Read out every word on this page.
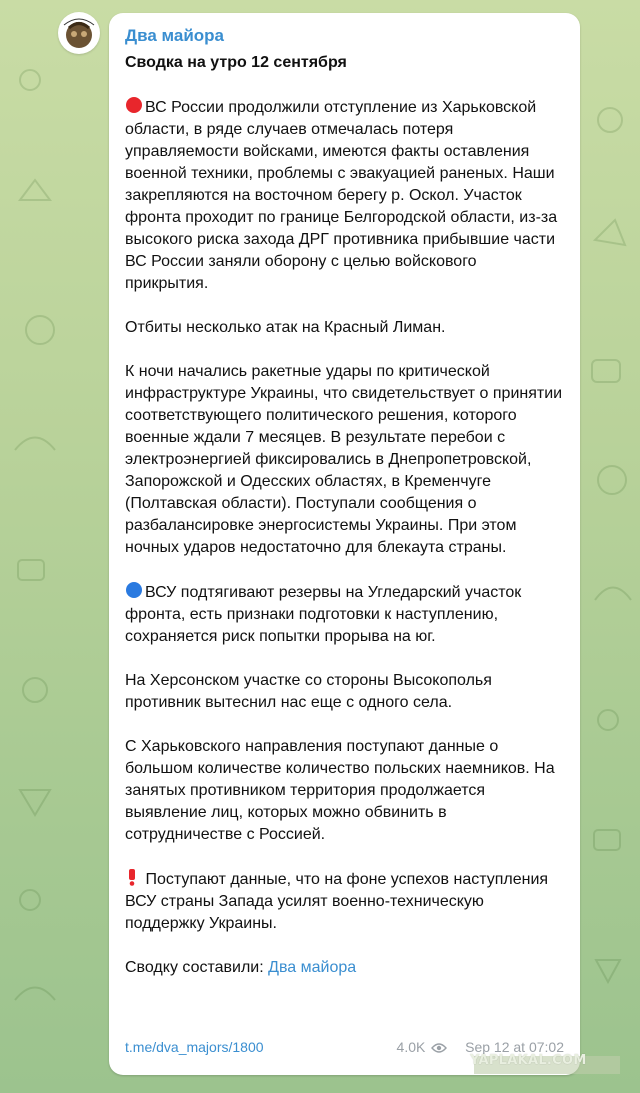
Два майора

Сводка на утро 12 сентября

ВС России продолжили отступление из Харьковской области, в ряде случаев отмечалась потеря управляемости войсками, имеются факты оставления военной техники, проблемы с эвакуацией раненых. Наши закрепляются на восточном берегу р. Оскол. Участок фронта проходит по границе Белгородской области, из-за высокого риска захода ДРГ противника прибывшие части ВС России заняли оборону с целью войскового прикрытия.

Отбиты несколько атак на Красный Лиман.

К ночи начались ракетные удары по критической инфраструктуре Украины, что свидетельствует о принятии соответствующего политического решения, которого военные ждали 7 месяцев. В результате перебои с электроэнергией фиксировались в Днепропетровской, Запорожской и Одесских областях, в Кременчуге (Полтавская области). Поступали сообщения о разбалансировке энергосистемы Украины. При этом ночных ударов недостаточно для блекаута страны.

ВСУ подтягивают резервы на Угледарский участок фронта, есть признаки подготовки к наступлению, сохраняется риск попытки прорыва на юг.

На Херсонском участке со стороны Высокополья противник вытеснил нас еще с одного села.

С Харьковского направления поступают данные о большом количестве количество польских наемников. На занятых противником территория продолжается выявление лиц, которых можно обвинить в сотрудничестве с Россией.

Поступают данные, что на фоне успехов наступления ВСУ страны Запада усилят военно-техническую поддержку Украины.

Сводку составили: Два майора

t.me/dva_majors/1800	4.0K	Sep 12 at 07:02
YAPLAKAL.COM
